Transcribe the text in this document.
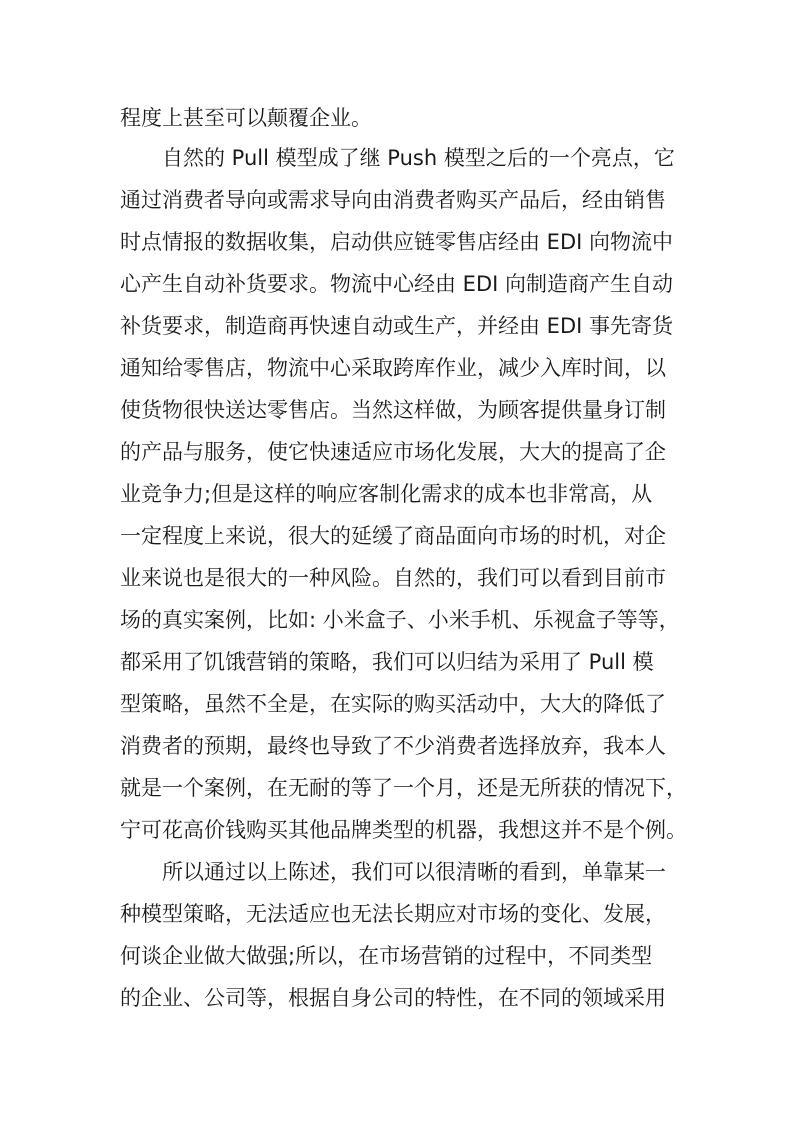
程度上甚至可以颠覆企业。
自然的 Pull 模型成了继 Push 模型之后的一个亮点，它
通过消费者导向或需求导向由消费者购买产品后，经由销售
时点情报的数据收集，启动供应链零售店经由 EDI 向物流中
心产生自动补货要求。物流中心经由 EDI 向制造商产生自动
补货要求，制造商再快速自动或生产，并经由 EDI 事先寄货
通知给零售店，物流中心采取跨库作业，减少入库时间，以
使货物很快送达零售店。当然这样做，为顾客提供量身订制
的产品与服务，使它快速适应市场化发展，大大的提高了企
业竞争力;但是这样的响应客制化需求的成本也非常高，从
一定程度上来说，很大的延缓了商品面向市场的时机，对企
业来说也是很大的一种风险。自然的，我们可以看到目前市
场的真实案例，比如: 小米盒子、小米手机、乐视盒子等等，
都采用了饥饿营销的策略，我们可以归结为采用了 Pull 模
型策略，虽然不全是，在实际的购买活动中，大大的降低了
消费者的预期，最终也导致了不少消费者选择放弃，我本人
就是一个案例，在无耐的等了一个月，还是无所获的情况下，
宁可花高价钱购买其他品牌类型的机器，我想这并不是个例。
所以通过以上陈述，我们可以很清晰的看到，单靠某一
种模型策略，无法适应也无法长期应对市场的变化、发展，
何谈企业做大做强;所以，在市场营销的过程中，不同类型
的企业、公司等，根据自身公司的特性，在不同的领域采用
